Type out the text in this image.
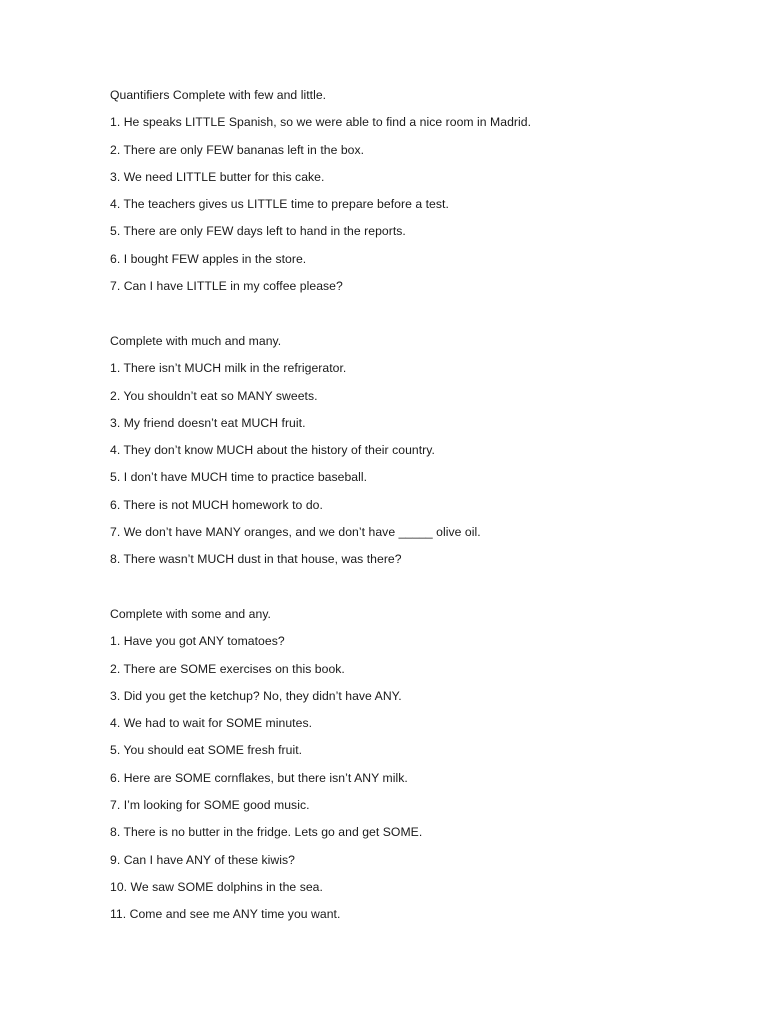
Quantifiers Complete with few and little.
1. He speaks LITTLE Spanish, so we were able to find a nice room in Madrid.
2. There are only FEW bananas left in the box.
3. We need LITTLE butter for this cake.
4. The teachers gives us LITTLE time to prepare before a test.
5. There are only FEW days left to hand in the reports.
6. I bought FEW apples in the store.
7. Can I have LITTLE in my coffee please?
Complete with much and many.
1. There isn’t MUCH milk in the refrigerator.
2. You shouldn’t eat so MANY sweets.
3. My friend doesn’t eat MUCH fruit.
4. They don’t know MUCH about the history of their country.
5. I don’t have MUCH time to practice baseball.
6. There is not MUCH homework to do.
7. We don’t have MANY oranges, and we don’t have _____ olive oil.
8. There wasn’t MUCH dust in that house, was there?
Complete with some and any.
1. Have you got ANY tomatoes?
2. There are SOME exercises on this book.
3. Did you get the ketchup? No, they didn’t have ANY.
4. We had to wait for SOME minutes.
5. You should eat SOME fresh fruit.
6. Here are SOME cornflakes, but there isn’t ANY milk.
7. I’m looking for SOME good music.
8. There is no butter in the fridge. Lets go and get SOME.
9. Can I have ANY of these kiwis?
10. We saw SOME dolphins in the sea.
11. Come and see me ANY time you want.
